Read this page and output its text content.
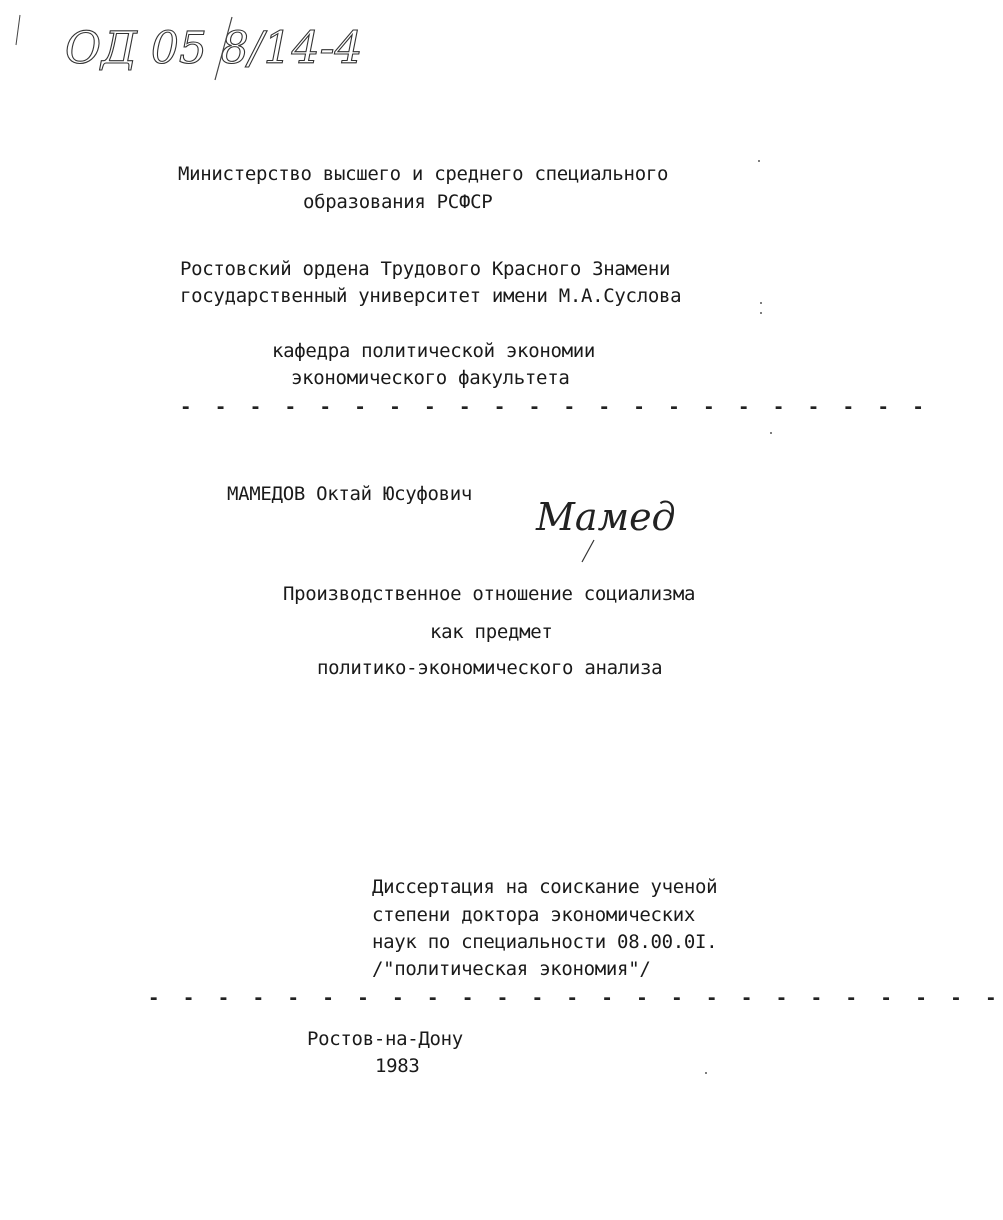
ОД 05 8/14-4
Министерство высшего и среднего специального
образования РСФСР
Ростовский ордена Трудового Красного Знамени
государственный университет имени М.А.Суслова
кафедра политической экономии
экономического факультета
- - - - - - - - - - - - - - - - - - - - - -
МАМЕДОВ Октай Юсуфович
Мамед
Производственное отношение социализма
как предмет
политико-экономического анализа
Диссертация на соискание ученой
степени доктора экономических
наук по специальности 08.00.0I.
/"политическая экономия"/
- - - - - - - - - - - - - - - - - - - - - - - - -
Ростов-на-Дону
1983
